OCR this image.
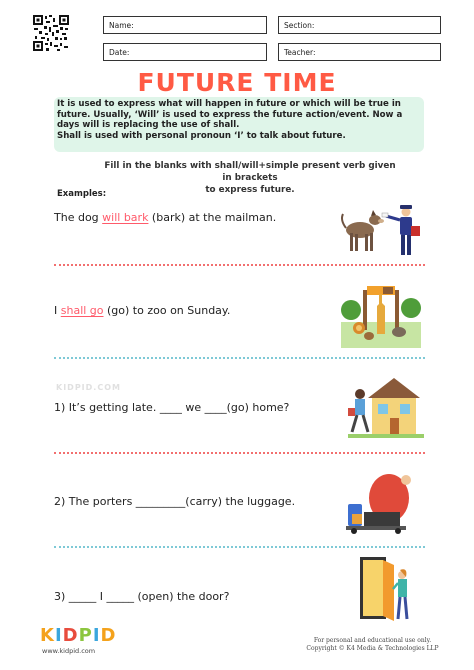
Name:	Section:
Date:	Teacher:
FUTURE TIME
It is used to express what will happen in future or which will be true in
future. Usually, ‘Will’ is used to express the future action/event. Now a
days will is replacing the use of shall.
Shall is used with personal pronoun ‘I’ to talk about future.
Fill in the blanks with shall/will+simple present verb given in brackets
to express future.
Examples:
The dog will bark (bark) at the mailman.
I shall go (go) to zoo on Sunday.
KIDPID.COM
1) It’s getting late. ____ we ____(go) home?
2) The porters _________(carry) the luggage.
3) _____ I _____ (open) the door?
KIDPID
www.kidpid.com
For personal and educational use only.
Copyright © K4 Media & Technologies LLP
